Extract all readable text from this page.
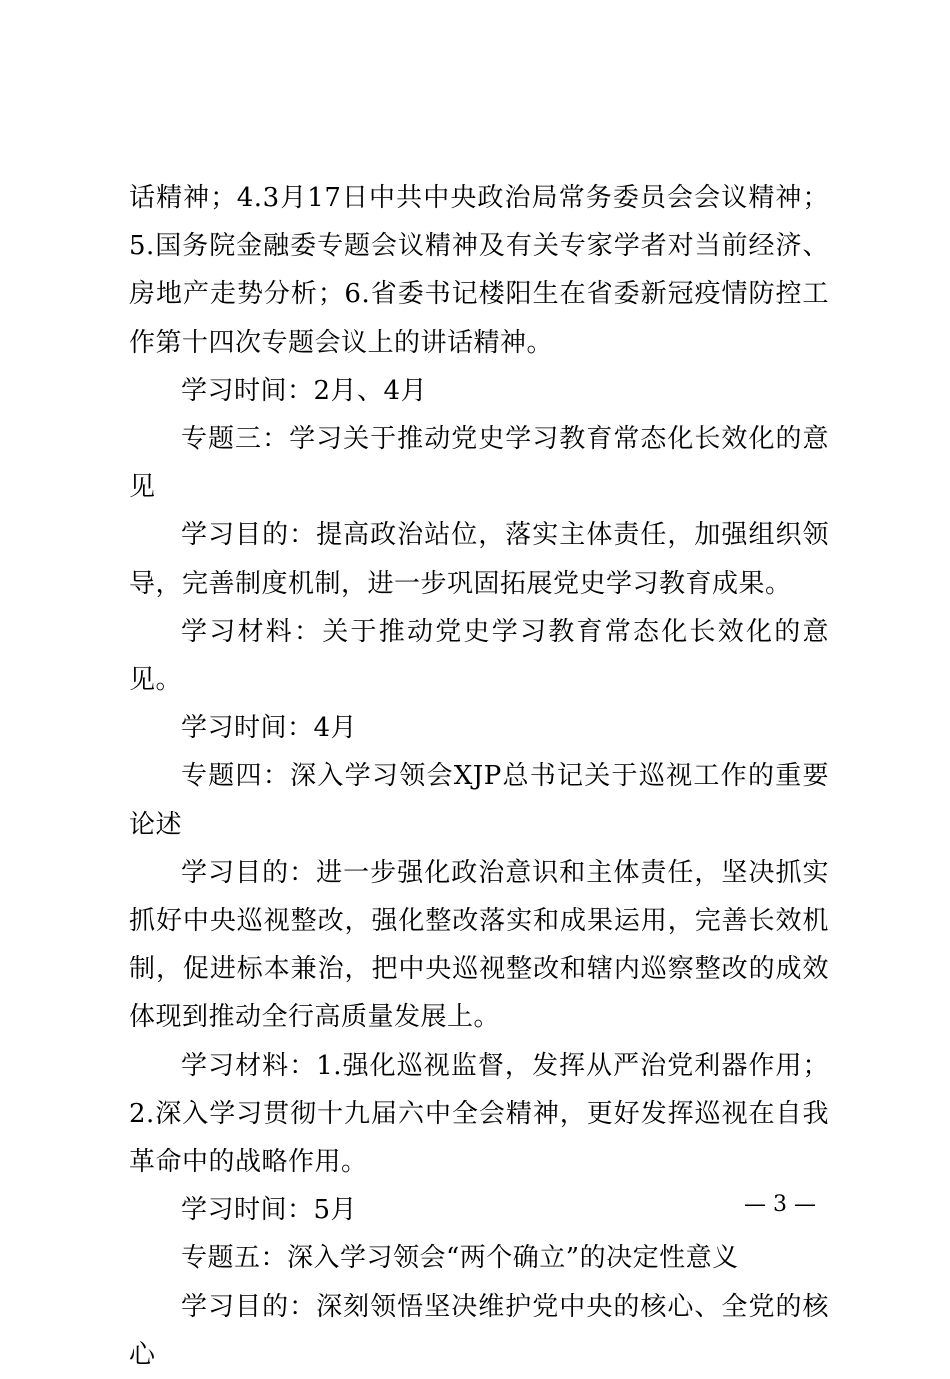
话精神；4.3月17日中共中央政治局常务委员会会议精神；5.国务院金融委专题会议精神及有关专家学者对当前经济、房地产走势分析；6.省委书记楼阳生在省委新冠疫情防控工作第十四次专题会议上的讲话精神。

学习时间：2月、4月

专题三：学习关于推动党史学习教育常态化长效化的意见

学习目的：提高政治站位，落实主体责任，加强组织领导，完善制度机制，进一步巩固拓展党史学习教育成果。

学习材料：关于推动党史学习教育常态化长效化的意见。

学习时间：4月

专题四：深入学习领会XJP总书记关于巡视工作的重要论述

学习目的：进一步强化政治意识和主体责任，坚决抓实抓好中央巡视整改，强化整改落实和成果运用，完善长效机制，促进标本兼治，把中央巡视整改和辖内巡察整改的成效体现到推动全行高质量发展上。

学习材料：1.强化巡视监督，发挥从严治党利器作用；2.深入学习贯彻十九届六中全会精神，更好发挥巡视在自我革命中的战略作用。

学习时间：5月

专题五：深入学习领会“两个确立”的决定性意义

学习目的：深刻领悟坚决维护党中央的核心、全党的核心

— 3 —
